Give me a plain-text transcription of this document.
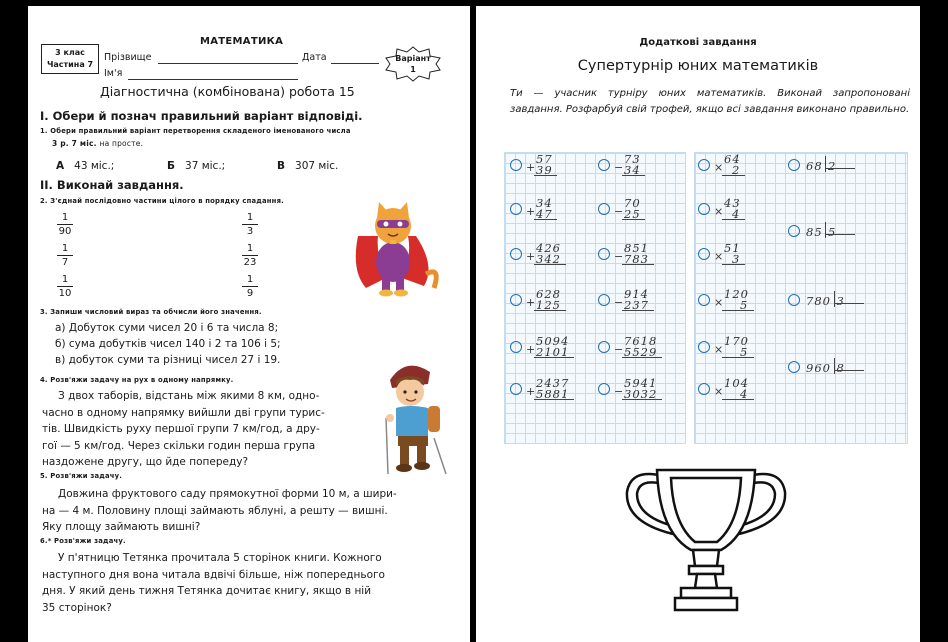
3 клас
Частина 7
МАТЕМАТИКА
Прізвище	Дата
Ім'я
Варіант
1
Діагностична (комбінована) робота 15
I. Обери й познач правильний варіант відповіді.
1. Обери правильний варіант перетворення складеного іменованого числа
3 р. 7 міс. на просте.
А 43 міс.;	Б 37 міс.;	В 307 міс.
II. Виконай завдання.
2. З'єднай послідовно частини цілого в порядку спадання.
$\frac{1}{90}$
$\frac{1}{7}$
$\frac{1}{10}$
$\frac{1}{3}$
$\frac{1}{23}$
$\frac{1}{9}$
3. Запиши числовий вираз та обчисли його значення.
а) Добуток суми чисел 20 і 6 та числа 8;
б) сума добутків чисел 140 і 2 та 106 і 5;
в) добуток суми та різниці чисел 27 і 19.
4. Розв'яжи задачу на рух в одному напрямку.
З двох таборів, відстань між якими 8 км, одно-
часно в одному напрямку вийшли дві групи турис-
тів. Швидкість руху першої групи 7 км/год, а дру-
гої — 5 км/год. Через скільки годин перша група
наздожене другу, що йде попереду?
5. Розв'яжи задачу.
Довжина фруктового саду прямокутної форми 10 м, а шири-
на — 4 м. Половину площі займають яблуні, а решту — вишні.
Яку площу займають вишні?
6.* Розв'яжи задачу.
У п'ятницю Тетянка прочитала 5 сторінок книги. Кожного
наступного дня вона читала вдвічі більше, ніж попереднього
дня. У який день тижня Тетянка дочитає книгу, якщо в ній
35 сторінок?
Додаткові завдання
Супертурнір юних математиків
Ти — учасник турніру юних математиків. Виконай запропоновані завдання. Розфарбуй свій трофей, якщо всі завдання виконано правильно.
+
57
39
+
34
47
+
426
342
+
628
125
+
5094
2101
+
2437
5881
−
73
34
−
70
25
−
851
783
−
914
237
−
7618
5529
−
5941
3032
×
64
2
×
43
4
×
51
3
×
120
5
×
170
5
×
104
4
68 2
85 5
780 3
960 8
